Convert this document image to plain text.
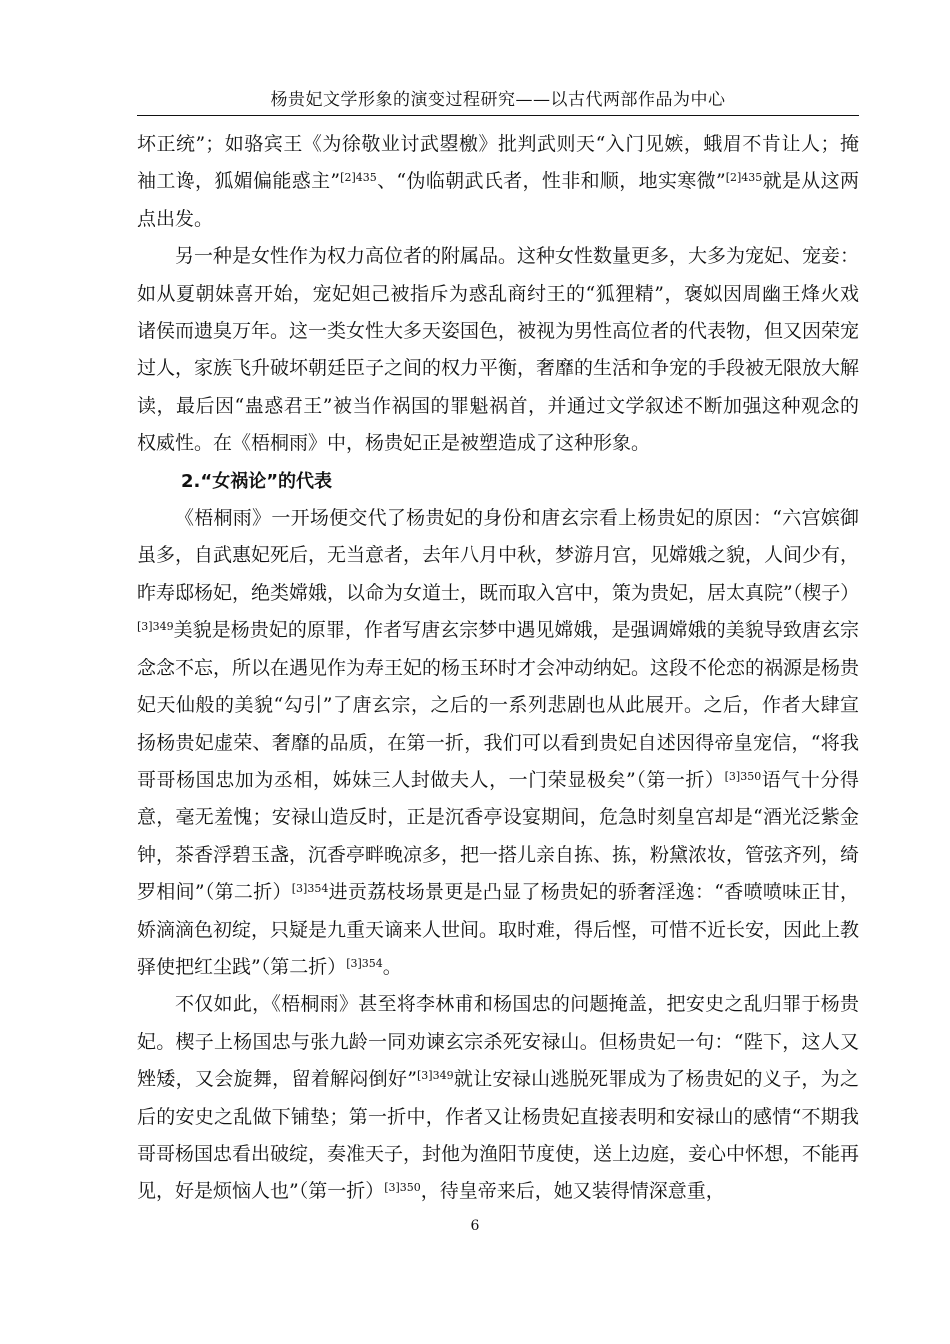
杨贵妃文学形象的演变过程研究——以古代两部作品为中心

坏正统”；如骆宾王《为徐敬业讨武曌檄》批判武则天“入门见嫉，蛾眉不肯让人；掩袖工谗，狐媚偏能惑主”$^{[2]435}$、“伪临朝武氏者，性非和顺，地实寒微”$^{[2]435}$就是从这两点出发。

另一种是女性作为权力高位者的附属品。这种女性数量更多，大多为宠妃、宠妾：如从夏朝妹喜开始，宠妃妲己被指斥为惑乱商纣王的“狐狸精”，褒姒因周幽王烽火戏诸侯而遗臭万年。这一类女性大多天姿国色，被视为男性高位者的代表物，但又因荣宠过人，家族飞升破坏朝廷臣子之间的权力平衡，奢靡的生活和争宠的手段被无限放大解读，最后因“蛊惑君王”被当作祸国的罪魁祸首，并通过文学叙述不断加强这种观念的权威性。在《梧桐雨》中，杨贵妃正是被塑造成了这种形象。

2.“女祸论”的代表

《梧桐雨》一开场便交代了杨贵妃的身份和唐玄宗看上杨贵妃的原因：“六宫嫔御虽多，自武惠妃死后，无当意者，去年八月中秋，梦游月宫，见嫦娥之貌，人间少有，昨寿邸杨妃，绝类嫦娥，以命为女道士，既而取入宫中，策为贵妃，居太真院”（楔子）$^{[3]349}$美貌是杨贵妃的原罪，作者写唐玄宗梦中遇见嫦娥，是强调嫦娥的美貌导致唐玄宗念念不忘，所以在遇见作为寿王妃的杨玉环时才会冲动纳妃。这段不伦恋的祸源是杨贵妃天仙般的美貌“勾引”了唐玄宗，之后的一系列悲剧也从此展开。之后，作者大肆宣扬杨贵妃虚荣、奢靡的品质，在第一折，我们可以看到贵妃自述因得帝皇宠信，“将我哥哥杨国忠加为丞相，姊妹三人封做夫人，一门荣显极矣”（第一折）$^{[3]350}$语气十分得意，毫无羞愧；安禄山造反时，正是沉香亭设宴期间，危急时刻皇宫却是“酒光泛紫金钟，茶香浮碧玉盏，沉香亭畔晚凉多，把一搭儿亲自拣、拣，粉黛浓妆，管弦齐列，绮罗相间”（第二折）$^{[3]354}$进贡荔枝场景更是凸显了杨贵妃的骄奢淫逸：“香喷喷味正甘，娇滴滴色初绽，只疑是九重天谪来人世间。取时难，得后悭，可惜不近长安，因此上教驿使把红尘践”（第二折）$^{[3]354}$。

不仅如此，《梧桐雨》甚至将李林甫和杨国忠的问题掩盖，把安史之乱归罪于杨贵妃。楔子上杨国忠与张九龄一同劝谏玄宗杀死安禄山。但杨贵妃一句：“陛下，这人又矬矮，又会旋舞，留着解闷倒好”$^{[3]349}$就让安禄山逃脱死罪成为了杨贵妃的义子，为之后的安史之乱做下铺垫；第一折中，作者又让杨贵妃直接表明和安禄山的感情“不期我哥哥杨国忠看出破绽，奏准天子，封他为渔阳节度使，送上边庭，妾心中怀想，不能再见，好是烦恼人也”（第一折）$^{[3]350}$，待皇帝来后，她又装得情深意重，

6
